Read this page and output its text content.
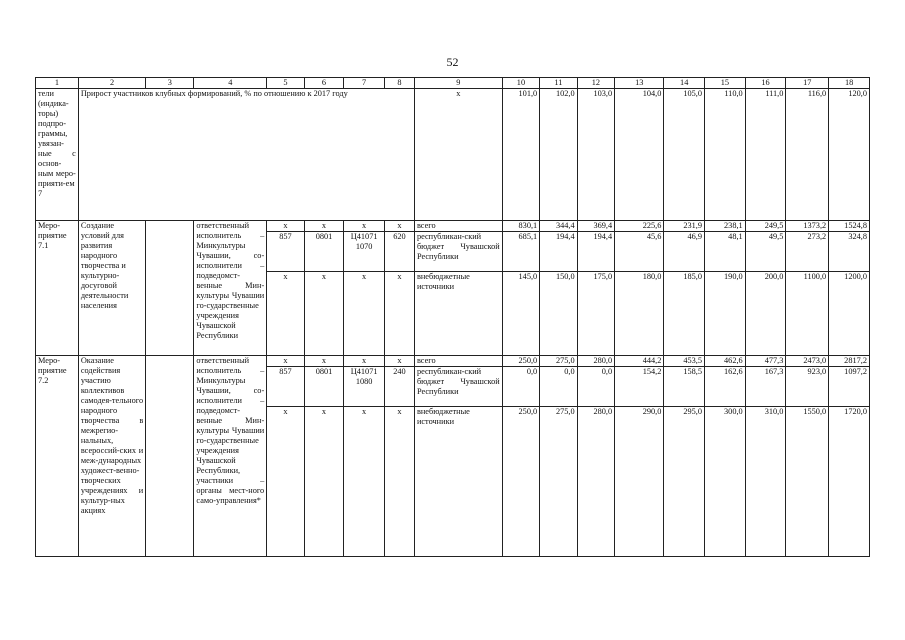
52
1	2	3	4	5	6	7	8	9	10	11	12	13	14	15	16	17	18
тели (индика-торы) подпро-граммы, увязан-ные с основ-ным меро-прияти-ем 7	Прирост участников клубных формирований, % по отношению к 2017 году							x	101,0	102,0	103,0	104,0	105,0	110,0	111,0	116,0	120,0
Меро-приятие 7.1	Создание условий для развития народного творчества и культурно-досуговой деятельности населения		ответственный исполнитель – Минкультуры Чувашии, со-исполнители – подведомст-венные Мин-культуры Чувашии го-сударственные учреждения Чувашской Республики	x	x	x	x	всего	830,1	344,4	369,4	225,6	231,9	238,1	249,5	1373,2	1524,8
				857	0801	Ц41071 1070	620	республикан-ский бюджет Чувашской Республики	685,1	194,4	194,4	45,6	46,9	48,1	49,5	273,2	324,8
				x	x	x	x	внебюджетные источники	145,0	150,0	175,0	180,0	185,0	190,0	200,0	1100,0	1200,0
Меро-приятие 7.2	Оказание содействия участию коллективов самодея-тельного народного творчества в межрегио-нальных, всероссий-ских и меж-дународных художест-венно-творческих учреждениях и культур-ных акциях		ответственный исполнитель – Минкультуры Чувашии, со-исполнители – подведомст-венные Мин-культуры Чувашии го-сударственные учреждения Чувашской Республики, участники – органы мест-ного само-управления*	x	x	x	x	всего	250,0	275,0	280,0	444,2	453,5	462,6	477,3	2473,0	2817,2
				857	0801	Ц41071 1080	240	республикан-ский бюджет Чувашской Республики	0,0	0,0	0,0	154,2	158,5	162,6	167,3	923,0	1097,2
				x	x	x	x	внебюджетные источники	250,0	275,0	280,0	290,0	295,0	300,0	310,0	1550,0	1720,0
